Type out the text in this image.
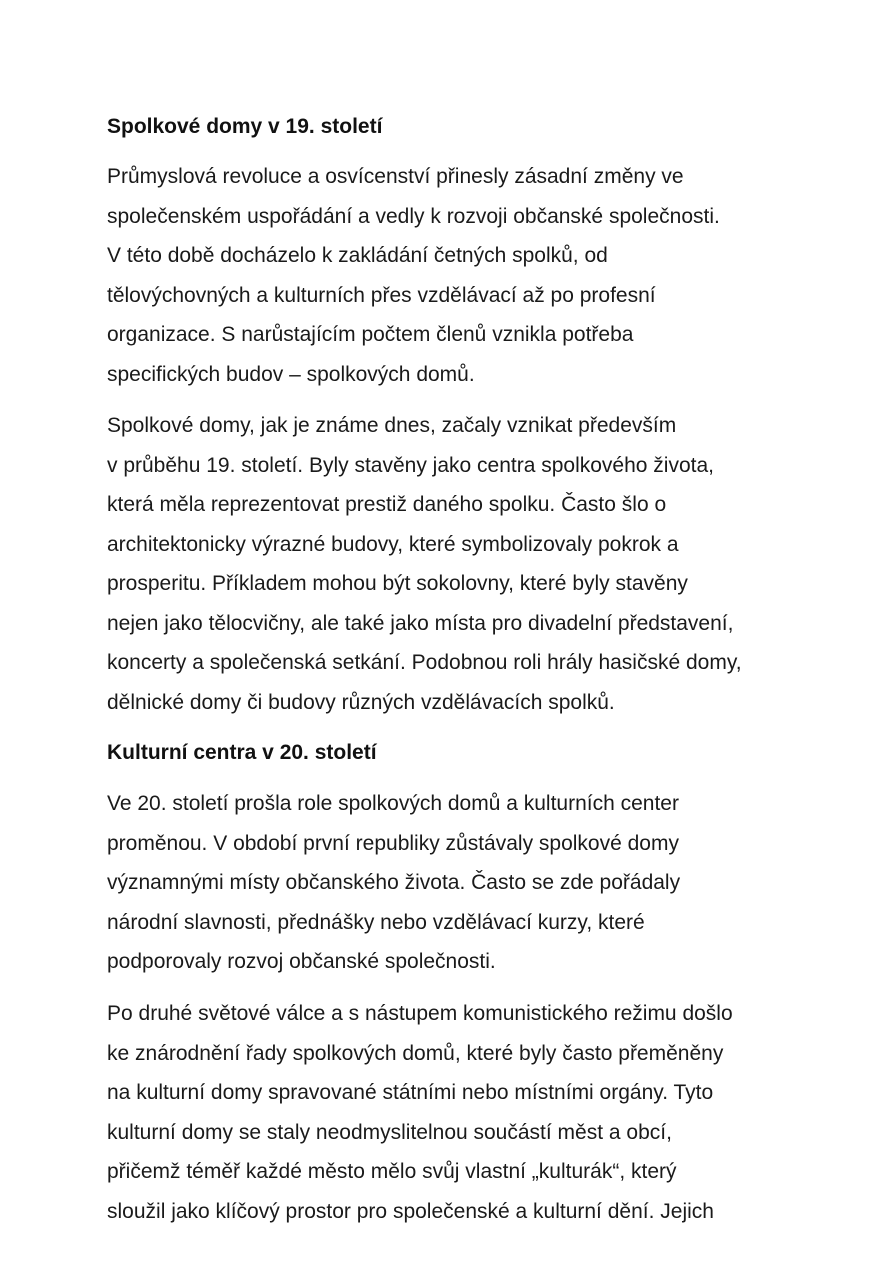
Spolkové domy v 19. století
Průmyslová revoluce a osvícenství přinesly zásadní změny ve
společenském uspořádání a vedly k rozvoji občanské společnosti.
V této době docházelo k zakládání četných spolků, od
tělovýchovných a kulturních přes vzdělávací až po profesní
organizace. S narůstajícím počtem členů vznikla potřeba
specifických budov – spolkových domů.
Spolkové domy, jak je známe dnes, začaly vznikat především
v průběhu 19. století. Byly stavěny jako centra spolkového života,
která měla reprezentovat prestiž daného spolku. Často šlo o
architektonicky výrazné budovy, které symbolizovaly pokrok a
prosperitu. Příkladem mohou být sokolovny, které byly stavěny
nejen jako tělocvičny, ale také jako místa pro divadelní představení,
koncerty a společenská setkání. Podobnou roli hrály hasičské domy,
dělnické domy či budovy různých vzdělávacích spolků.
Kulturní centra v 20. století
Ve 20. století prošla role spolkových domů a kulturních center
proměnou. V období první republiky zůstávaly spolkové domy
významnými místy občanského života. Často se zde pořádaly
národní slavnosti, přednášky nebo vzdělávací kurzy, které
podporovaly rozvoj občanské společnosti.
Po druhé světové válce a s nástupem komunistického režimu došlo
ke znárodnění řady spolkových domů, které byly často přeměněny
na kulturní domy spravované státními nebo místními orgány. Tyto
kulturní domy se staly neodmyslitelnou součástí měst a obcí,
přičemž téměř každé město mělo svůj vlastní „kulturák“, který
sloužil jako klíčový prostor pro společenské a kulturní dění. Jejich
